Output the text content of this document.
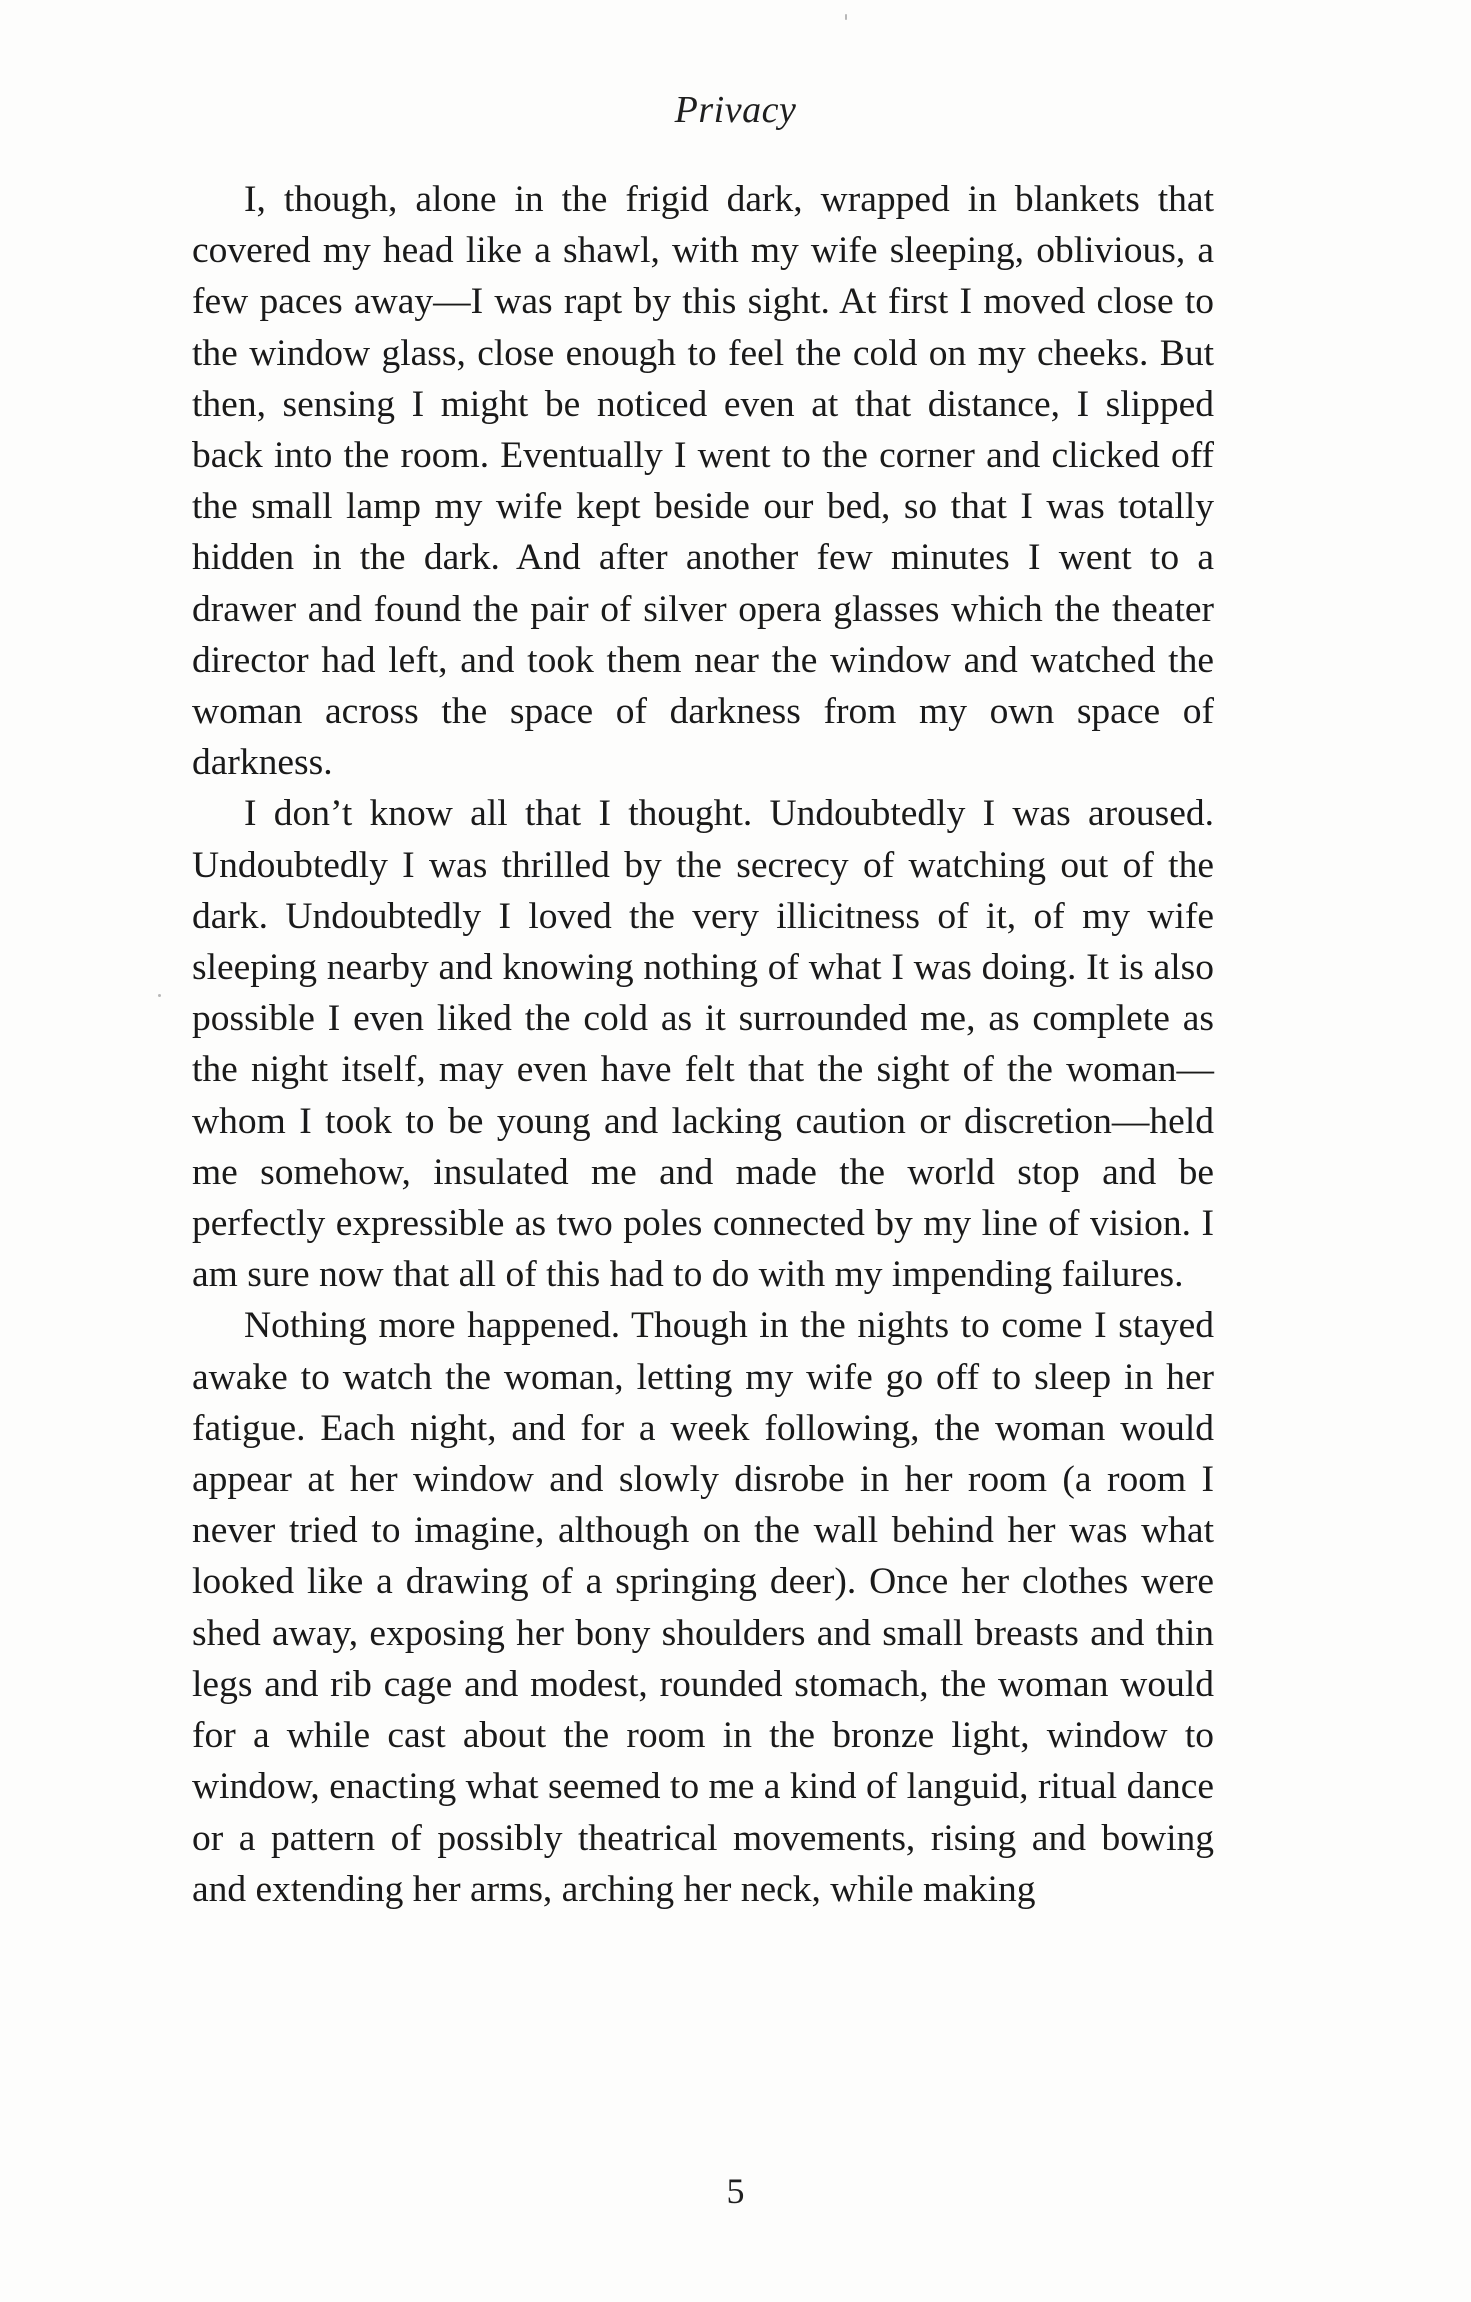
Privacy

I, though, alone in the frigid dark, wrapped in blankets that covered my head like a shawl, with my wife sleeping, oblivious, a few paces away—I was rapt by this sight. At first I moved close to the window glass, close enough to feel the cold on my cheeks. But then, sensing I might be noticed even at that distance, I slipped back into the room. Eventually I went to the corner and clicked off the small lamp my wife kept beside our bed, so that I was totally hidden in the dark. And after another few minutes I went to a drawer and found the pair of silver opera glasses which the theater director had left, and took them near the window and watched the woman across the space of darkness from my own space of darkness.

I don’t know all that I thought. Undoubtedly I was aroused. Undoubtedly I was thrilled by the secrecy of watching out of the dark. Undoubtedly I loved the very illicitness of it, of my wife sleeping nearby and knowing nothing of what I was doing. It is also possible I even liked the cold as it surrounded me, as complete as the night itself, may even have felt that the sight of the woman—whom I took to be young and lacking caution or discretion—held me somehow, insulated me and made the world stop and be perfectly expressible as two poles connected by my line of vision. I am sure now that all of this had to do with my impending failures.

Nothing more happened. Though in the nights to come I stayed awake to watch the woman, letting my wife go off to sleep in her fatigue. Each night, and for a week following, the woman would appear at her window and slowly disrobe in her room (a room I never tried to imagine, although on the wall behind her was what looked like a drawing of a springing deer). Once her clothes were shed away, exposing her bony shoulders and small breasts and thin legs and rib cage and modest, rounded stomach, the woman would for a while cast about the room in the bronze light, window to window, enacting what seemed to me a kind of languid, ritual dance or a pattern of possibly theatrical movements, rising and bowing and extending her arms, arching her neck, while making

5
